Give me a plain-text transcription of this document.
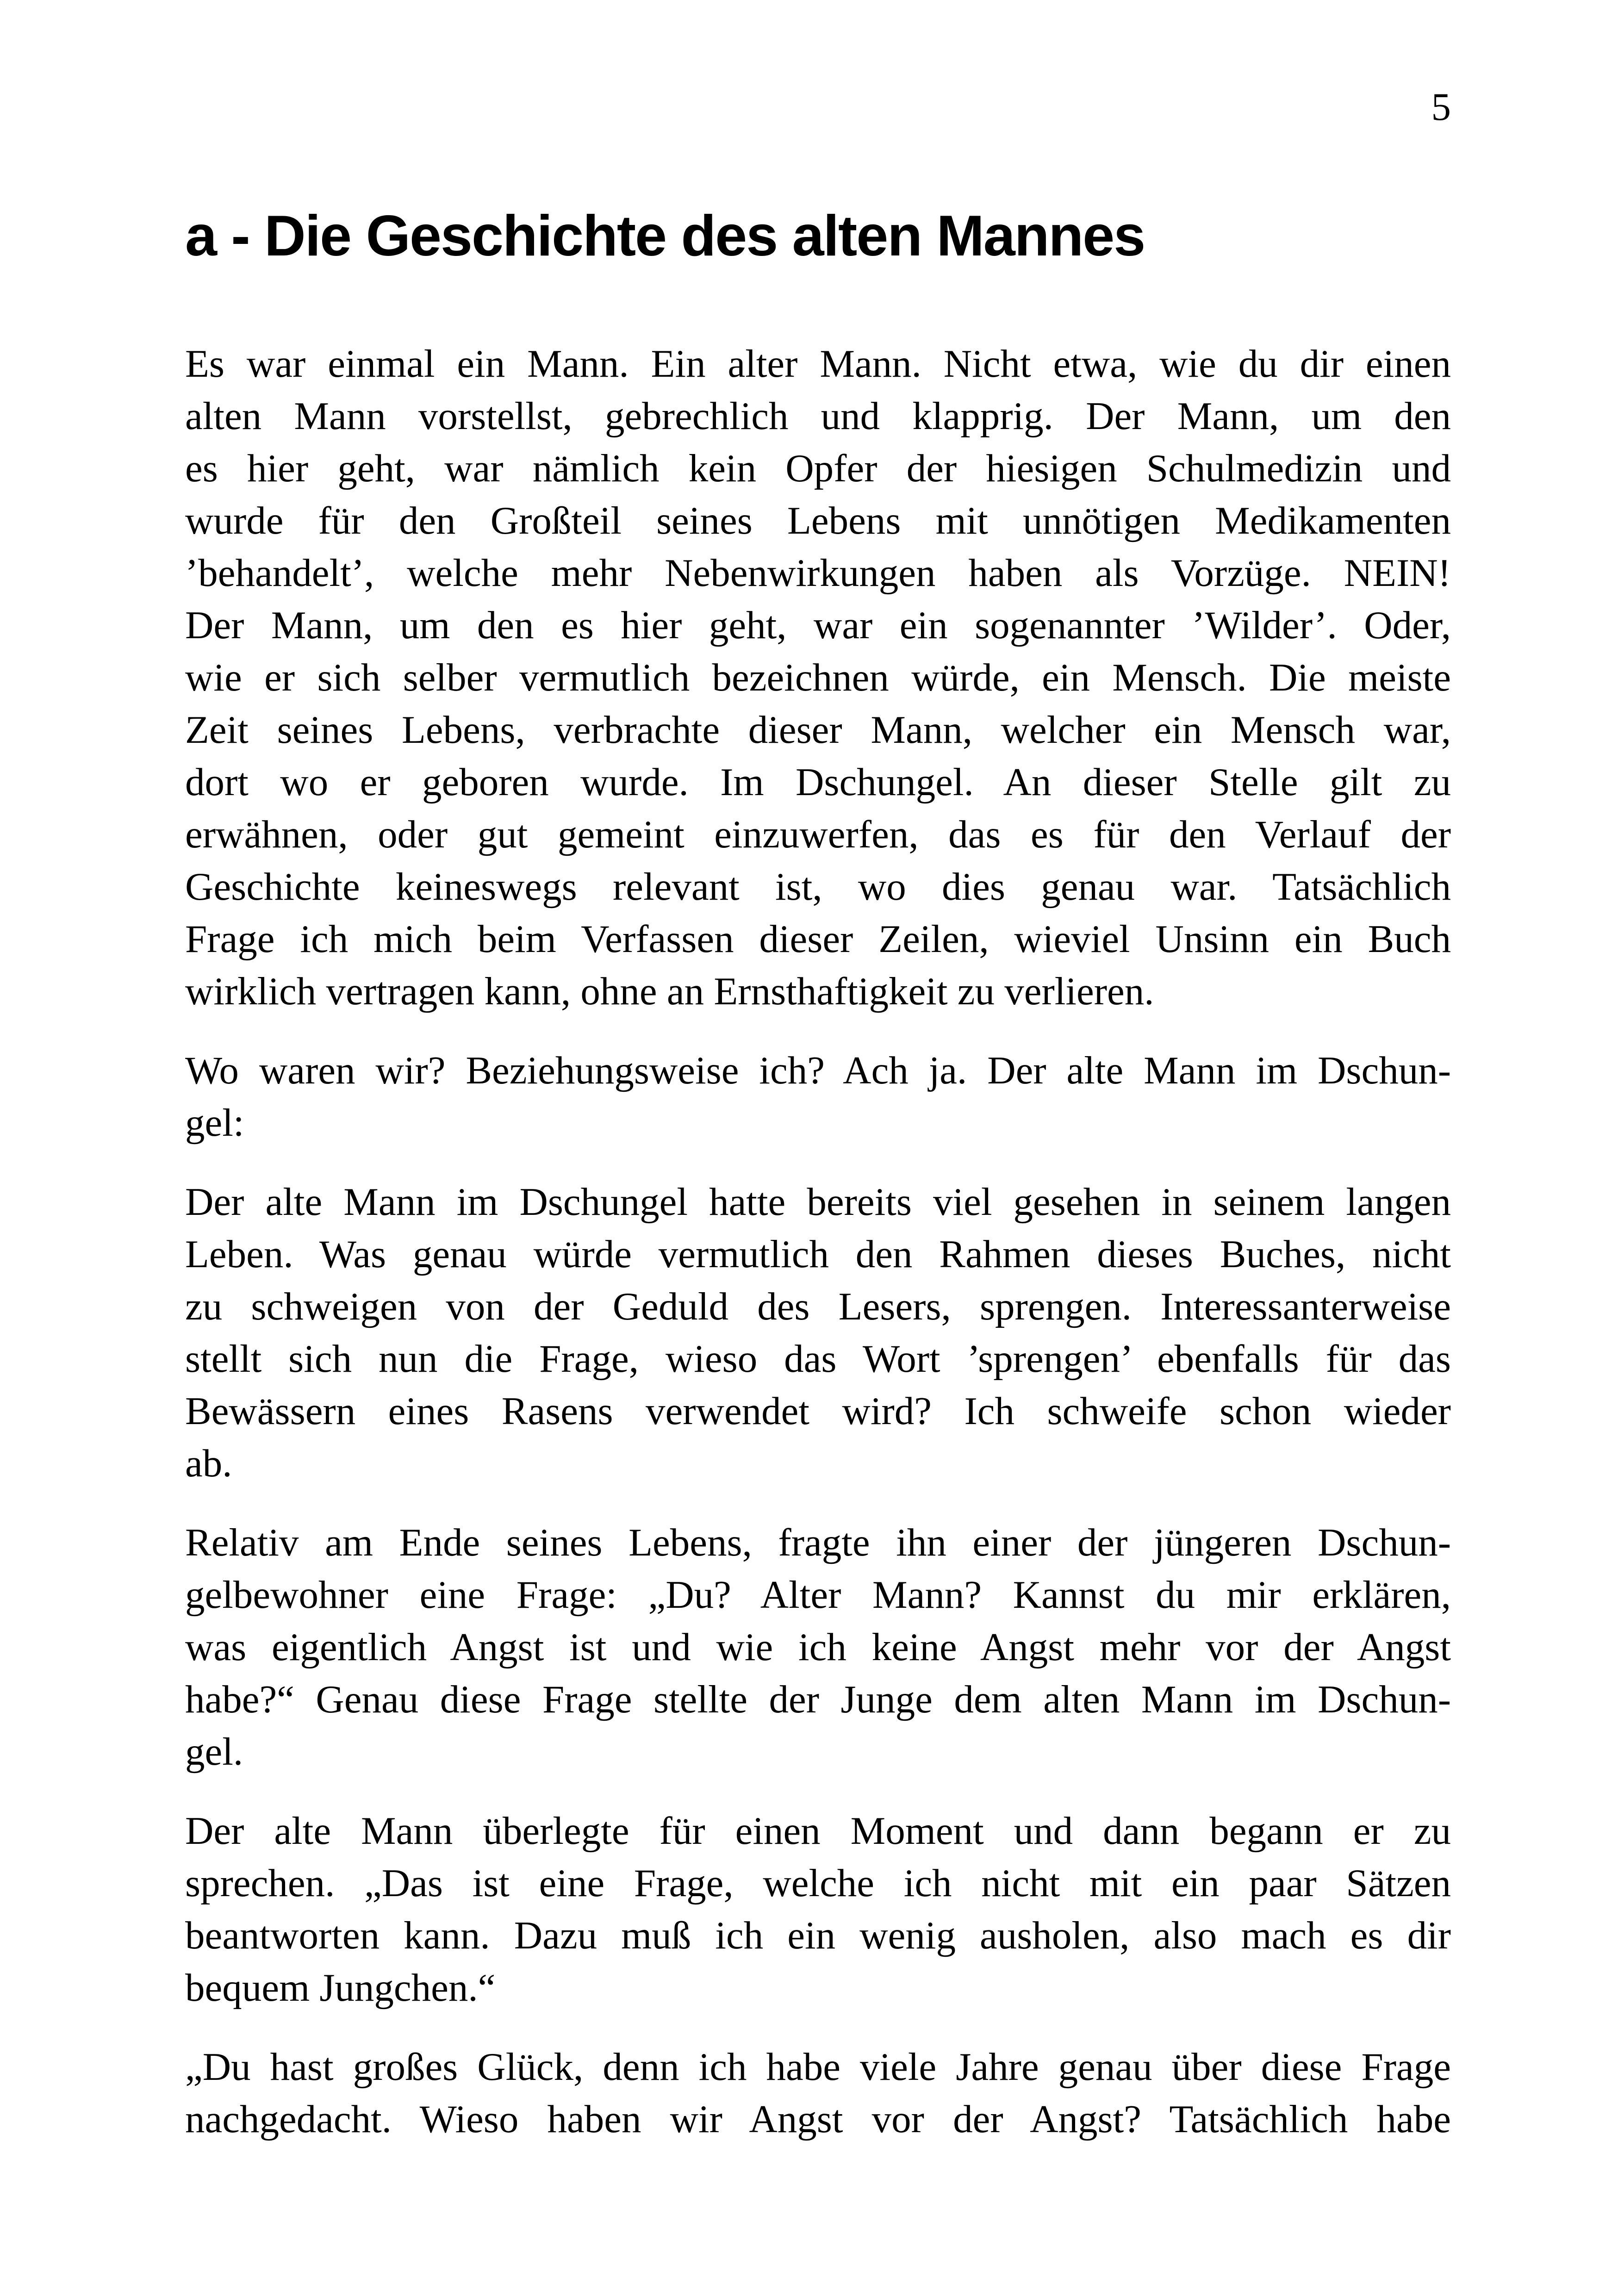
5
a - Die Geschichte des alten Mannes
Es war einmal ein Mann. Ein alter Mann. Nicht etwa, wie du dir einen
alten Mann vorstellst, gebrechlich und klapprig. Der Mann, um den
es hier geht, war nämlich kein Opfer der hiesigen Schulmedizin und
wurde für den Großteil seines Lebens mit unnötigen Medikamenten
’behandelt’, welche mehr Nebenwirkungen haben als Vorzüge. NEIN!
Der Mann, um den es hier geht, war ein sogenannter ’Wilder’. Oder,
wie er sich selber vermutlich bezeichnen würde, ein Mensch. Die meiste
Zeit seines Lebens, verbrachte dieser Mann, welcher ein Mensch war,
dort wo er geboren wurde. Im Dschungel. An dieser Stelle gilt zu
erwähnen, oder gut gemeint einzuwerfen, das es für den Verlauf der
Geschichte keineswegs relevant ist, wo dies genau war. Tatsächlich
Frage ich mich beim Verfassen dieser Zeilen, wieviel Unsinn ein Buch
wirklich vertragen kann, ohne an Ernsthaftigkeit zu verlieren.
Wo waren wir? Beziehungsweise ich? Ach ja. Der alte Mann im Dschun-
gel:
Der alte Mann im Dschungel hatte bereits viel gesehen in seinem langen
Leben. Was genau würde vermutlich den Rahmen dieses Buches, nicht
zu schweigen von der Geduld des Lesers, sprengen. Interessanterweise
stellt sich nun die Frage, wieso das Wort ’sprengen’ ebenfalls für das
Bewässern eines Rasens verwendet wird? Ich schweife schon wieder
ab.
Relativ am Ende seines Lebens, fragte ihn einer der jüngeren Dschun-
gelbewohner eine Frage: „Du? Alter Mann? Kannst du mir erklären,
was eigentlich Angst ist und wie ich keine Angst mehr vor der Angst
habe?“ Genau diese Frage stellte der Junge dem alten Mann im Dschun-
gel.
Der alte Mann überlegte für einen Moment und dann begann er zu
sprechen. „Das ist eine Frage, welche ich nicht mit ein paar Sätzen
beantworten kann. Dazu muß ich ein wenig ausholen, also mach es dir
bequem Jungchen.“
„Du hast großes Glück, denn ich habe viele Jahre genau über diese Frage
nachgedacht. Wieso haben wir Angst vor der Angst? Tatsächlich habe
